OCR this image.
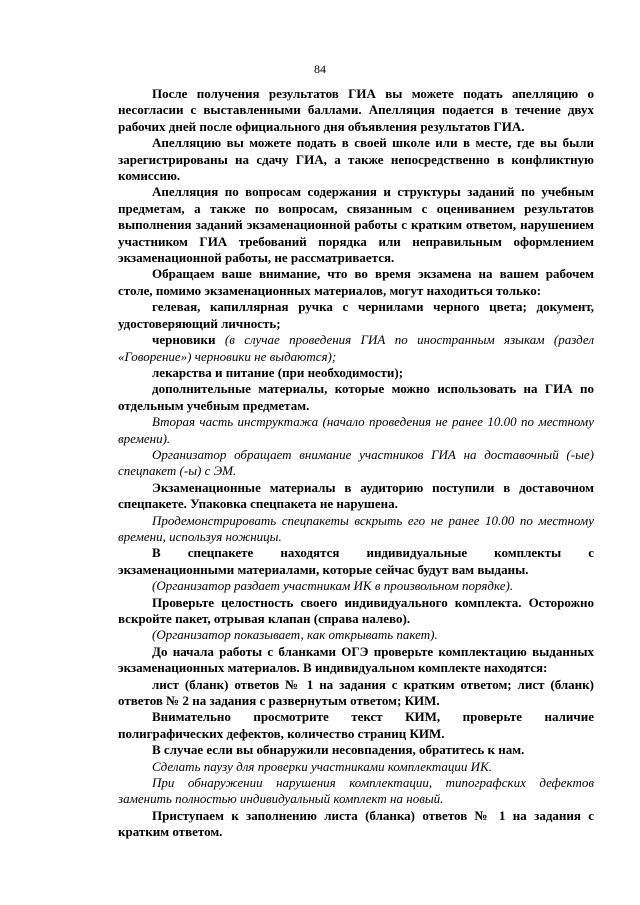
84

После получения результатов ГИА вы можете подать апелляцию о несогласии с выставленными баллами. Апелляция подается в течение двух рабочих дней после официального дня объявления результатов ГИА.

Апелляцию вы можете подать в своей школе или в месте, где вы были зарегистрированы на сдачу ГИА, а также непосредственно в конфликтную комиссию.

Апелляция по вопросам содержания и структуры заданий по учебным предметам, а также по вопросам, связанным с оцениванием результатов выполнения заданий экзаменационной работы с кратким ответом, нарушением участником ГИА требований порядка или неправильным оформлением экзаменационной работы, не рассматривается.

Обращаем ваше внимание, что во время экзамена на вашем рабочем столе, помимо экзаменационных материалов, могут находиться только:

гелевая, капиллярная ручка с чернилами черного цвета; документ, удостоверяющий личность;

черновики (в случае проведения ГИА по иностранным языкам (раздел «Говорение») черновики не выдаются);

лекарства и питание (при необходимости);

дополнительные материалы, которые можно использовать на ГИА по отдельным учебным предметам.

Вторая часть инструктажа (начало проведения не ранее 10.00 по местному времени).

Организатор обращает внимание участников ГИА на доставочный (-ые) спецпакет (-ы) с ЭМ.

Экзаменационные материалы в аудиторию поступили в доставочном спецпакете. Упаковка спецпакета не нарушена.

Продемонстрировать спецпакеты вскрыть его не ранее 10.00 по местному времени, используя ножницы.

В спецпакете находятся индивидуальные комплекты с экзаменационными материалами, которые сейчас будут вам выданы.

(Организатор раздает участникам ИК в произвольном порядке).

Проверьте целостность своего индивидуального комплекта. Осторожно вскройте пакет, отрывая клапан (справа налево).

(Организатор показывает, как открывать пакет).

До начала работы с бланками ОГЭ проверьте комплектацию выданных экзаменационных материалов. В индивидуальном комплекте находятся:

лист (бланк) ответов № 1 на задания с кратким ответом; лист (бланк) ответов № 2 на задания с развернутым ответом; КИМ.

Внимательно просмотрите текст КИМ, проверьте наличие полиграфических дефектов, количество страниц КИМ.

В случае если вы обнаружили несовпадения, обратитесь к нам.

Сделать паузу для проверки участниками комплектации ИК.

При обнаружении нарушения комплектации, типографских дефектов заменить полностью индивидуальный комплект на новый.

Приступаем к заполнению листа (бланка) ответов № 1 на задания с кратким ответом.
